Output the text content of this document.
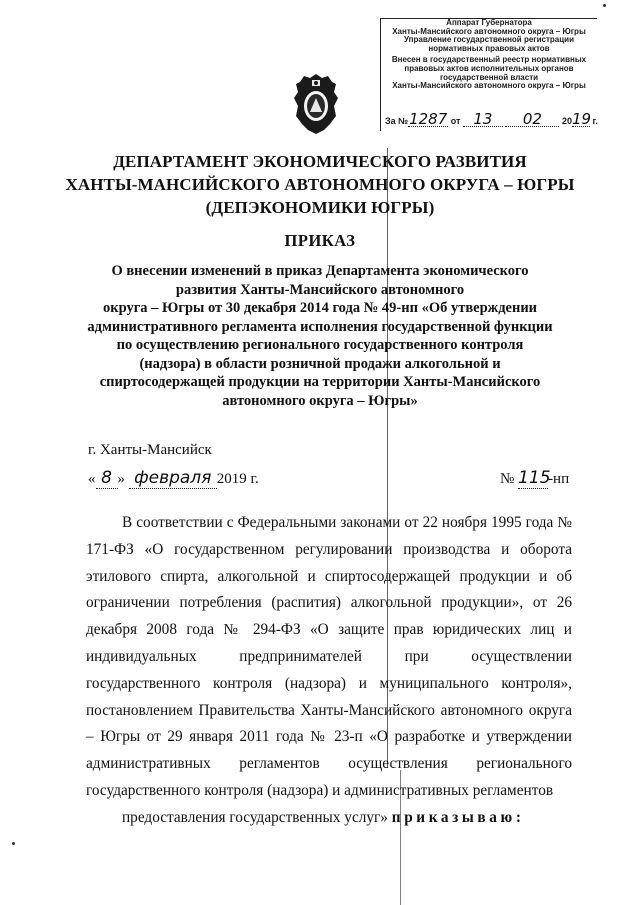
Аппарат Губернатора
Ханты-Мансийского автономного округа – Югры
Управление государственной регистрации
нормативных правовых актов
Внесен в государственный реестр нормативных
правовых актов исполнительных органов
государственной власти
Ханты-Мансийского автономного округа – Югры
За №1287 от 13 02 2019 г.
ДЕПАРТАМЕНТ ЭКОНОМИЧЕСКОГО РАЗВИТИЯ
ХАНТЫ-МАНСИЙСКОГО АВТОНОМНОГО ОКРУГА – ЮГРЫ
(ДЕПЭКОНОМИКИ ЮГРЫ)
ПРИКАЗ
О внесении изменений в приказ Департамента экономического
развития Ханты-Мансийского автономного
округа – Югры от 30 декабря 2014 года № 49-нп «Об утверждении
административного регламента исполнения государственной функции
по осуществлению регионального государственного контроля
(надзора) в области розничной продажи алкогольной и
спиртосодержащей продукции на территории Ханты-Мансийского
автономного округа – Югры»
г. Ханты-Мансийск
« 8 » февраля 2019 г.	№ 115-нп

В соответствии с Федеральными законами от 22 ноября 1995 года № 171-ФЗ «О государственном регулировании производства и оборота этилового спирта, алкогольной и спиртосодержащей продукции и об ограничении потребления (распития) алкогольной продукции», от 26 декабря 2008 года № 294-ФЗ «О защите прав юридических лиц и индивидуальных предпринимателей при осуществлении государственного контроля (надзора) и муниципального контроля», постановлением Правительства Ханты-Мансийского автономного округа – Югры от 29 января 2011 года № 23-п «О разработке и утверждении административных регламентов осуществления регионального государственного контроля (надзора) и административных регламентов
предоставления государственных услуг» приказываю:
